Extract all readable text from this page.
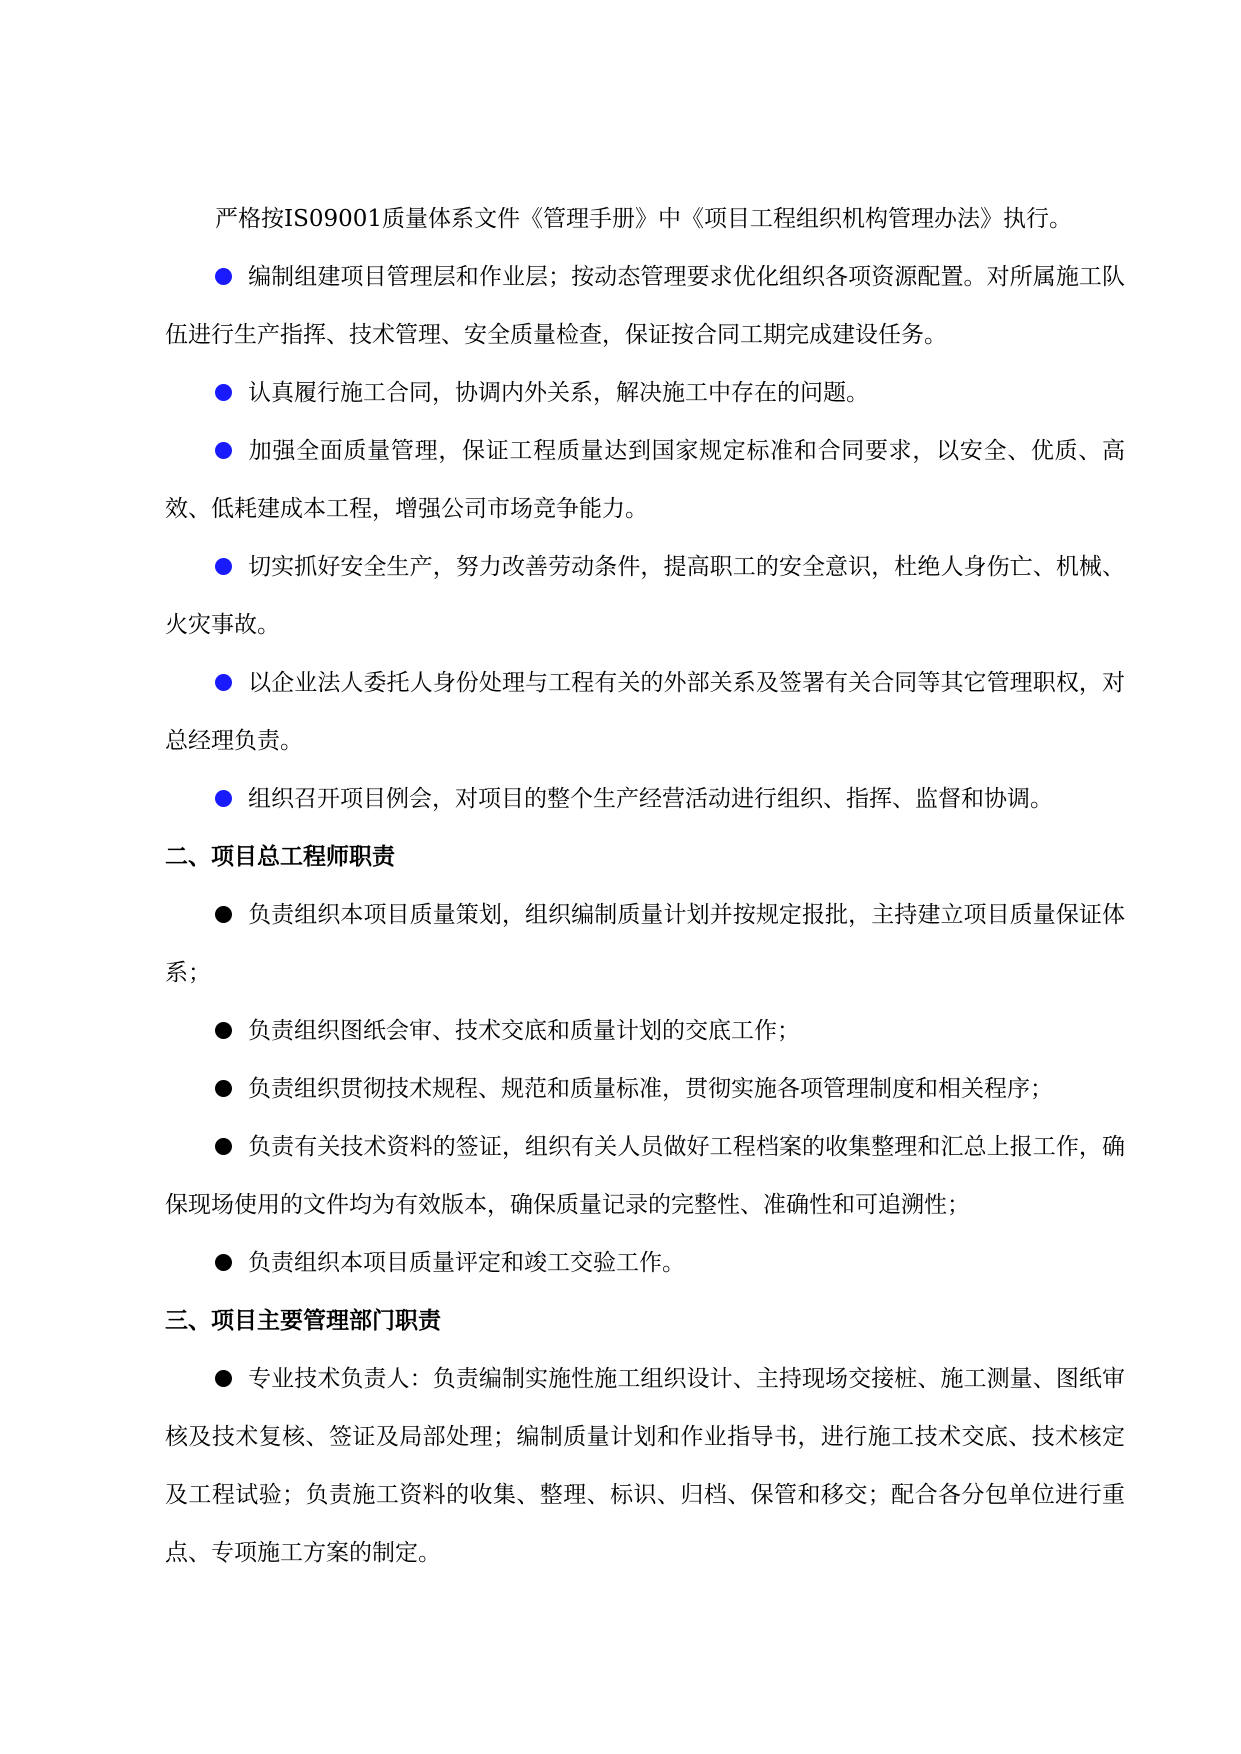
严格按IS09001质量体系文件《管理手册》中《项目工程组织机构管理办法》执行。

编制组建项目管理层和作业层；按动态管理要求优化组织各项资源配置。对所属施工队伍进行生产指挥、技术管理、安全质量检查，保证按合同工期完成建设任务。

认真履行施工合同，协调内外关系，解决施工中存在的问题。

加强全面质量管理，保证工程质量达到国家规定标准和合同要求，以安全、优质、高效、低耗建成本工程，增强公司市场竞争能力。

切实抓好安全生产，努力改善劳动条件，提高职工的安全意识，杜绝人身伤亡、机械、火灾事故。

以企业法人委托人身份处理与工程有关的外部关系及签署有关合同等其它管理职权，对总经理负责。

组织召开项目例会，对项目的整个生产经营活动进行组织、指挥、监督和协调。

二、项目总工程师职责

负责组织本项目质量策划，组织编制质量计划并按规定报批，主持建立项目质量保证体系；

负责组织图纸会审、技术交底和质量计划的交底工作；

负责组织贯彻技术规程、规范和质量标准，贯彻实施各项管理制度和相关程序；

负责有关技术资料的签证，组织有关人员做好工程档案的收集整理和汇总上报工作，确保现场使用的文件均为有效版本，确保质量记录的完整性、准确性和可追溯性；

负责组织本项目质量评定和竣工交验工作。

三、项目主要管理部门职责

专业技术负责人：负责编制实施性施工组织设计、主持现场交接桩、施工测量、图纸审核及技术复核、签证及局部处理；编制质量计划和作业指导书，进行施工技术交底、技术核定及工程试验；负责施工资料的收集、整理、标识、归档、保管和移交；配合各分包单位进行重点、专项施工方案的制定。
